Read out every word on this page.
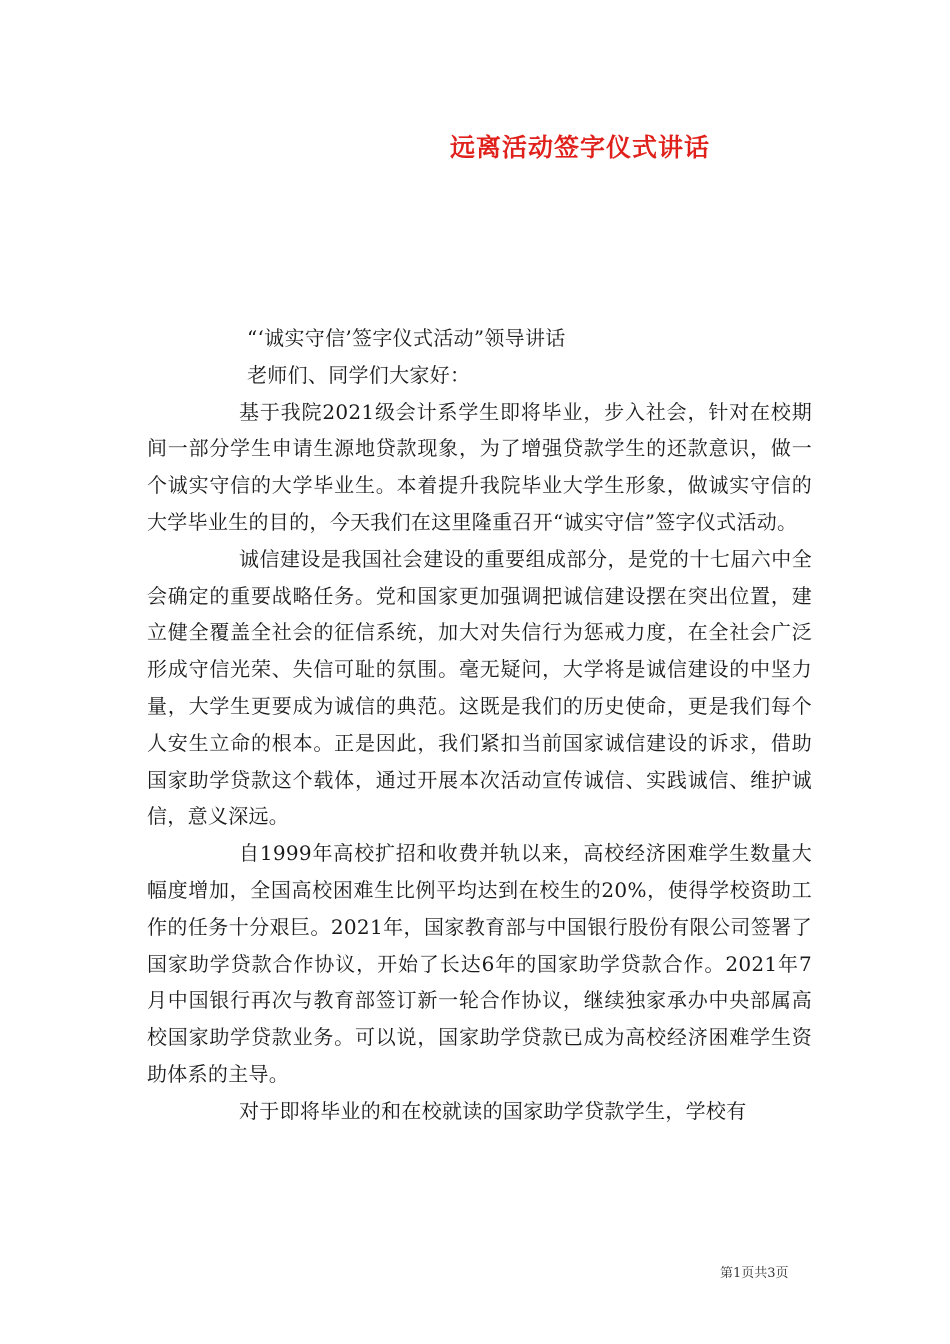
远离活动签字仪式讲话

“‘诚实守信’签字仪式活动”领导讲话

老师们、同学们大家好：

基于我院2021级会计系学生即将毕业，步入社会，针对在校期间一部分学生申请生源地贷款现象，为了增强贷款学生的还款意识，做一个诚实守信的大学毕业生。本着提升我院毕业大学生形象，做诚实守信的大学毕业生的目的，今天我们在这里隆重召开“诚实守信”签字仪式活动。

诚信建设是我国社会建设的重要组成部分，是党的十七届六中全会确定的重要战略任务。党和国家更加强调把诚信建设摆在突出位置，建立健全覆盖全社会的征信系统，加大对失信行为惩戒力度，在全社会广泛形成守信光荣、失信可耻的氛围。毫无疑问，大学将是诚信建设的中坚力量，大学生更要成为诚信的典范。这既是我们的历史使命，更是我们每个人安生立命的根本。正是因此，我们紧扣当前国家诚信建设的诉求，借助国家助学贷款这个载体，通过开展本次活动宣传诚信、实践诚信、维护诚信，意义深远。

自1999年高校扩招和收费并轨以来，高校经济困难学生数量大幅度增加，全国高校困难生比例平均达到在校生的20%，使得学校资助工作的任务十分艰巨。2021年，国家教育部与中国银行股份有限公司签署了国家助学贷款合作协议，开始了长达6年的国家助学贷款合作。2021年7月中国银行再次与教育部签订新一轮合作协议，继续独家承办中央部属高校国家助学贷款业务。可以说，国家助学贷款已成为高校经济困难学生资助体系的主导。

对于即将毕业的和在校就读的国家助学贷款学生，学校有

第1页共3页
